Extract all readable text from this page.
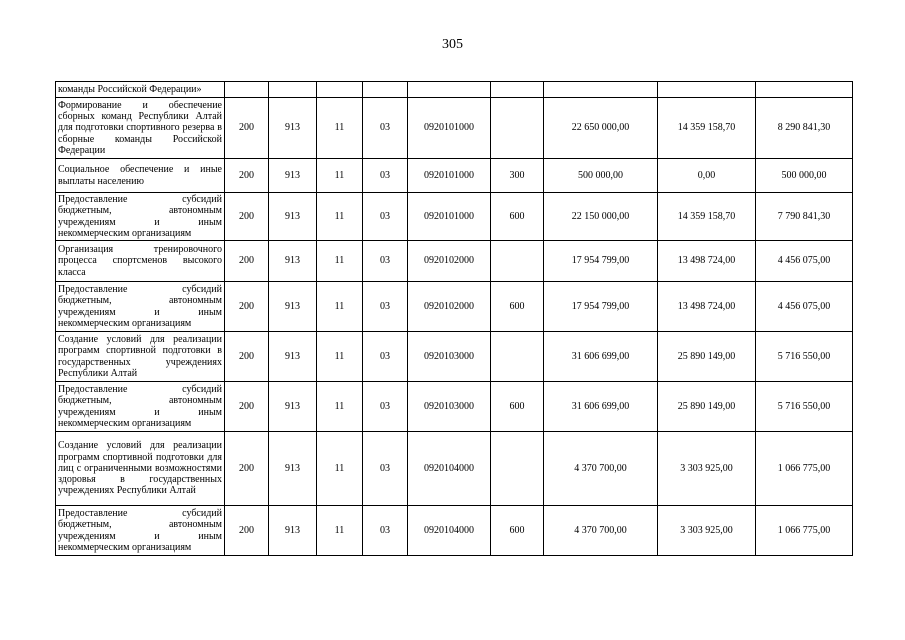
305
команды Российской Федерации»									
Формирование и обеспечение сборных команд Республики Алтай для подготовки спортивного резерва в сборные команды Российской Федерации	200	913	11	03	0920101000		22 650 000,00	14 359 158,70	8 290 841,30
Социальное обеспечение и иные выплаты населению	200	913	11	03	0920101000	300	500 000,00	0,00	500 000,00
Предоставление субсидий бюджетным, автономным учреждениям и иным некоммерческим организациям	200	913	11	03	0920101000	600	22 150 000,00	14 359 158,70	7 790 841,30
Организация тренировочного процесса спортсменов высокого класса	200	913	11	03	0920102000		17 954 799,00	13 498 724,00	4 456 075,00
Предоставление субсидий бюджетным, автономным учреждениям и иным некоммерческим организациям	200	913	11	03	0920102000	600	17 954 799,00	13 498 724,00	4 456 075,00
Создание условий для реализации программ спортивной подготовки в государственных учреждениях Республики Алтай	200	913	11	03	0920103000		31 606 699,00	25 890 149,00	5 716 550,00
Предоставление субсидий бюджетным, автономным учреждениям и иным некоммерческим организациям	200	913	11	03	0920103000	600	31 606 699,00	25 890 149,00	5 716 550,00
Создание условий для реализации программ спортивной подготовки для лиц с ограниченными возможностями здоровья в государственных учреждениях Республики Алтай	200	913	11	03	0920104000		4 370 700,00	3 303 925,00	1 066 775,00
Предоставление субсидий бюджетным, автономным учреждениям и иным некоммерческим организациям	200	913	11	03	0920104000	600	4 370 700,00	3 303 925,00	1 066 775,00
